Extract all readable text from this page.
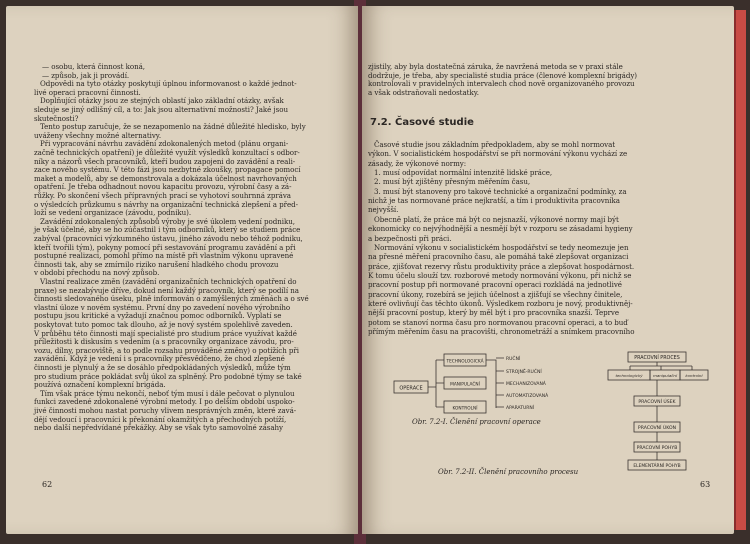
— osobu, která činnost koná,
— způsob, jak ji provádí.
Odpovědi na tyto otázky poskytují úplnou informovanost o každé jednot-
livé operaci pracovní činnosti.
Doplňující otázky jsou ze stejných oblastí jako základní otázky, avšak
sleduje se jiný odlišný cíl, a to: Jak jsou alternativní možnosti? Jaké jsou
skutečnosti?
Tento postup zaručuje, že se nezapomenlo na žádné důležité hledisko, byly
uváženy všechny možné alternativy.
Při vypracování návrhu zavádění zdokonalených metod (plánu organi-
začně technických opatření) je důležité využít výsledků konzultací s odbor-
níky a názorů všech pracovníků, kteří budou zapojeni do zavádění a reali-
zace nového systému. V této fázi jsou nezbytné zkoušky, propagace pomocí
maket a modelů, aby se demonstrovala a dokázala účelnost navrhovaných
opatření. Je třeba odhadnout novou kapacitu provozu, výrobní časy a zá-
růžky. Po skončení všech přípravných prací se vyhotoví souhrnná zpráva
o výsledcích průzkumu s návrhy na organizační technická zlepšení a před-
loží se vedení organizace (závodu, podniku).
Zavádění zdokonalených způsobů výroby je své úkolem vedení podniku,
je však účelné, aby se ho zúčastnil i tým odborníků, který se studiem práce
zabýval (pracovníci výzkumného ústavu, jiného závodu nebo téhož podniku,
kteří tvořili tým), pokyny pomocí při sestavování programu zavádění a při
postupné realizaci, pomohl přímo na místě při vlastním výkonu upravené
činnosti tak, aby se zmírnilo riziko narušení hladkého chodu provozu
v období přechodu na nový způsob.
Vlastní realizace změn (zavádění organizačních technických opatření do
praxe) se nezabývuje dříve, dokud není každý pracovník, který se podílí na
činnosti sledovaného úseku, plně informován o zamýšlených změnách a o své
vlastní úloze v novém systému. První dny po zavedení nového výrobního
postupu jsou kritické a vyžadují značnou pomoc odborníků. Vyplatí se
poskytovat tuto pomoc tak dlouho, až je nový systém spolehlivě zaveden.
V průběhu této činnosti mají specialisté pro studium práce využívat každé
příležitosti k diskusím s vedením (a s pracovníky organizace závodu, pro-
vozu, dílny, pracoviště, a to podle rozsahu prováděné změny) o potížích při
zavádění. Když je vedení i s pracovníky přesvědčeno, že chod zlepšené
činnosti je plynulý a že se dosáhlo předpokládaných výsledků, může tým
pro studium práce pokládat svůj úkol za splněný. Pro podobné týmy se také
používá označení komplexní brigáda.
Tím však práce týmu nekončí, neboť tým musí i dále pečovat o plynulou
funkci zavedené zdokonalené výrobní metody. I po delším období uspoko-
jivé činnosti mohou nastat poruchy vlivem nesprávných změn, které zavá-
dějí vedoucí i pracovníci k překonání okamžitých a přechodných potíží,
nebo další nepředvídané překážky. Aby se však tyto samovolné zásahy
62
7.2. Časové studie
OPERACE
TECHNOLOGICKÁ
MANIPULAČNÍ
KONTROLNÍ
RUČNÍ
STROJNĚ-RUČNÍ
MECHANIZOVANÁ
AUTOMATIZOVANÁ
APARATURNÍ
Obr. 7.2-I. Členění pracovní operace
PRACOVNÍ PROCES
technologický	manipulační kontrolní
PRACOVNÍ ÚSEK
PRACOVNÍ ÚKON
PRACOVNÍ POHYB
ELEMENTÁRNÍ POHYB
Obr. 7.2-II. Členění pracovního procesu
63
zjistily, aby byla dostatečná záruka, že navržená metoda se v praxi stále
dodržuje, je třeba, aby specialisté studia práce (členové komplexní brigády)
kontrolovali v pravidelných intervalech chod nově organizovaného provozu
a však odstraňovali nedostatky.
Časové studie jsou základním předpokladem, aby se mohl normovat
výkon. V socialistickém hospodářství se při normování výkonu vychází ze
zásady, že výkonové normy:
1. musí odpovídat normální intenzitě lidské práce,
2. musí být zjištěny přesným měřením času,
3. musí být stanoveny pro takové technické a organizační podmínky, za
nichž je tas normované práce nejkratší, a tím i produktivita pracovníka
nejvyšší.
Obecně platí, že práce má být co nejsnazší, výkonové normy mají být
ekonomicky co nejvýhodnější a nesmějí být v rozporu se zásadami hygieny
a bezpečnosti při práci.
Normování výkonu v socialistickém hospodářství se tedy neomezuje jen
na přesné měření pracovního času, ale pomáhá také zlepšovat organizaci
práce, zjišťovat rezervy růstu produktivity práce a zlepšovat hospodárnost.
K tomu účelu slouží tzv. rozborové metody normování výkonu, při nichž se
pracovní postup při normované pracovní operaci rozkládá na jednotlivé
pracovní úkony, rozebírá se jejich účelnost a zjišťují se všechny činitele,
které ovlivňují čas těchto úkonů. Výsledkem rozboru je nový, produktivněj-
nější pracovní postup, který by měl být i pro pracovníka snazší. Teprve
potom se stanoví norma času pro normovanou pracovní operaci, a to buď
přímým měřením času na pracovišti, chronometráží a snímkem pracovního
